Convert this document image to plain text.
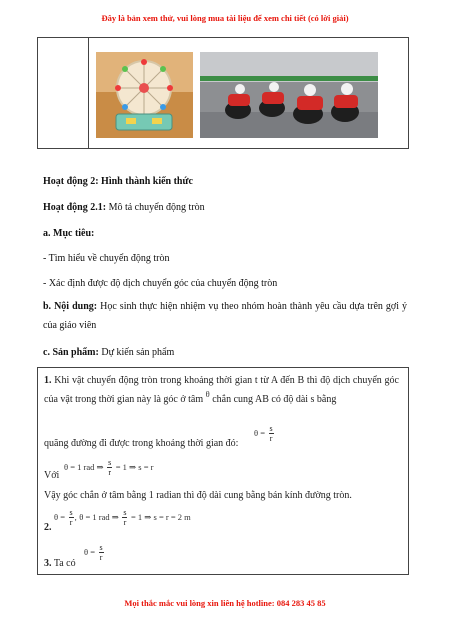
Đây là bản xem thử, vui lòng mua tài liệu để xem chi tiết (có lời giải)
Hoạt động 2: Hình thành kiến thức
Hoạt động 2.1: Mô tả chuyển động tròn
a. Mục tiêu:
- Tìm hiểu về chuyển động tròn
- Xác định được độ dịch chuyển góc của chuyển động tròn
b. Nội dung: Học sinh thực hiện nhiệm vụ theo nhóm hoàn thành yêu cầu dựa trên gợi ý của giáo viên
c. Sản phẩm: Dự kiến sản phẩm
1. Khi vật chuyển động tròn trong khoảng thời gian t từ A đến B thì độ dịch chuyển góc của vật trong thời gian này là góc ở tâm $^\theta$ chắn cung AB có độ dài s bằng
$\theta = \frac{s}{r}$
quãng đường đi được trong khoảng thời gian đó:
θ = 1 rad ⇒ $\frac{s}{r} = 1$ ⇒ s = r
Với
Vậy góc chắn ở tâm bằng 1 radian thì độ dài cung bằng bán kính đường tròn.
$\theta = \frac{s}{r}$ , θ = 1 rad ⇒ $\frac{s}{r} = 1$ ⇒ s = r = 2 m
2.
$\theta = \frac{s}{r}$
3. Ta có
Mọi thắc mắc vui lòng xin liên hệ hotline: 084 283 45 85
